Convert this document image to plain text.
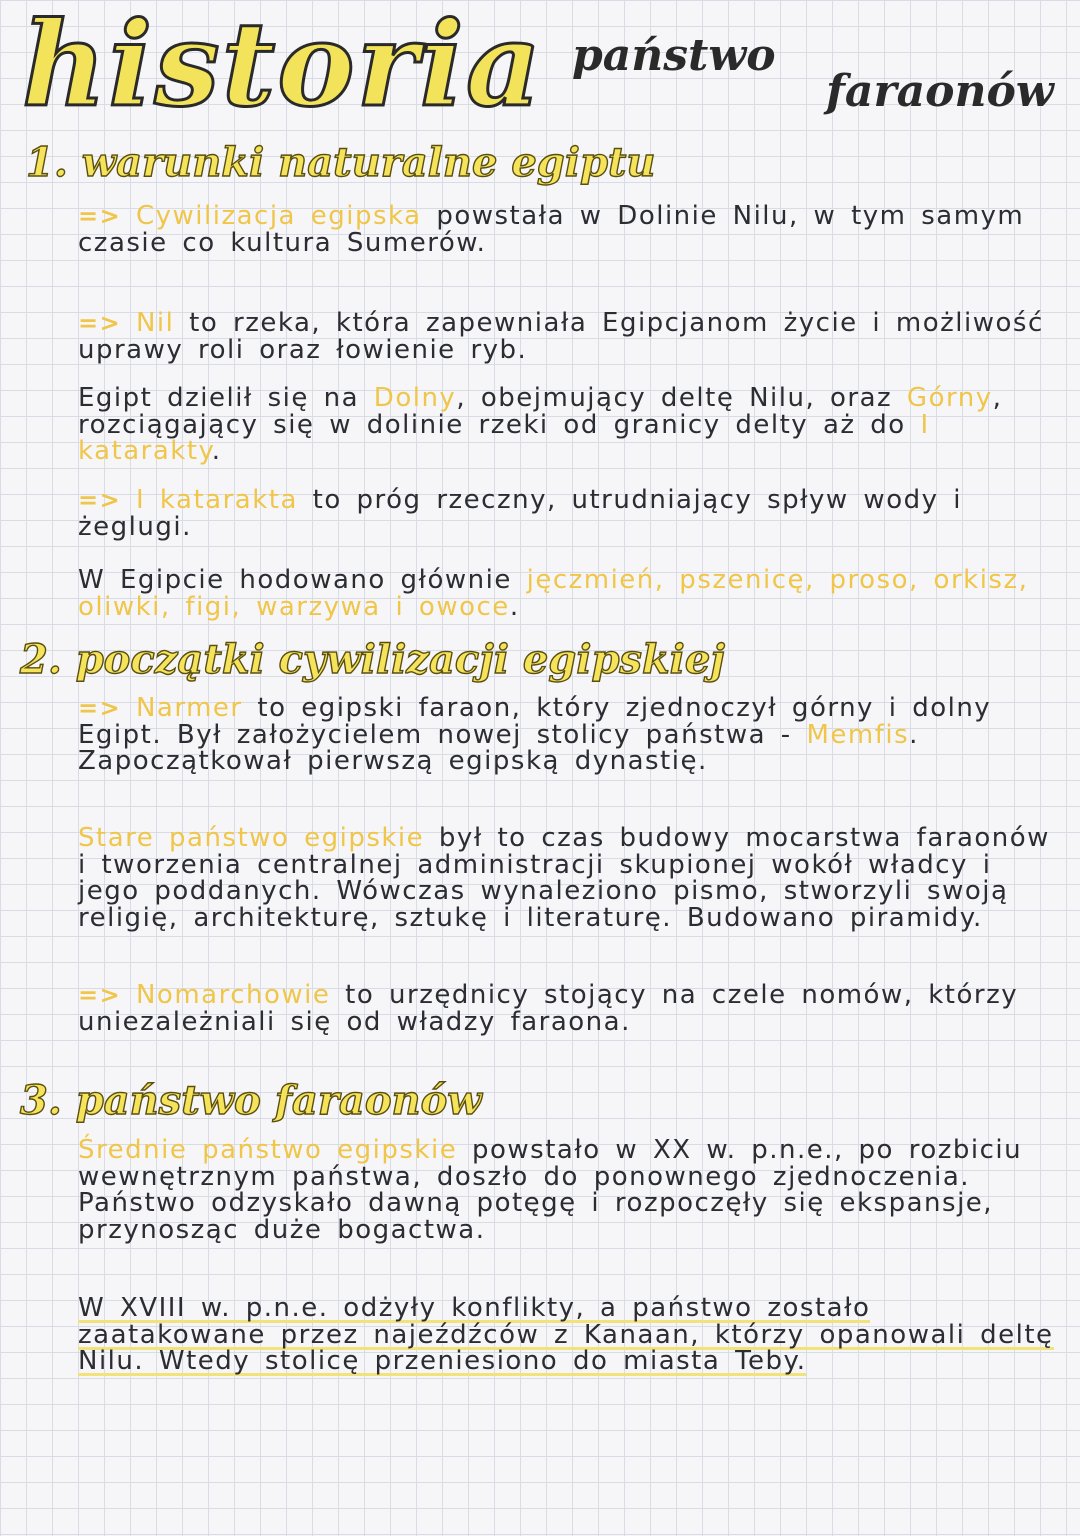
historia państwo
faraonów
1. warunki naturalne egiptu
=> Cywilizacja egipska powstała w Dolinie Nilu, w tym samym czasie co kultura Sumerów.
=> Nil to rzeka, która zapewniała Egipcjanom życie i możliwość uprawy roli oraz łowienie ryb.
Egipt dzielił się na Dolny, obejmujący deltę Nilu, oraz Górny, rozciągający się w dolinie rzeki od granicy delty aż do I katarakty.
=> I katarakta to próg rzeczny, utrudniający spływ wody i żeglugi.
W Egipcie hodowano głównie jęczmień, pszenicę, proso, orkisz, oliwki, figi, warzywa i owoce.
2. początki cywilizacji egipskiej
=> Narmer to egipski faraon, który zjednoczył górny i dolny Egipt. Był założycielem nowej stolicy państwa - Memfis. Zapoczątkował pierwszą egipską dynastię.
Stare państwo egipskie był to czas budowy mocarstwa faraonów i tworzenia centralnej administracji skupionej wokół władcy i jego poddanych. Wówczas wynaleziono pismo, stworzyli swoją religię, architekturę, sztukę i literaturę. Budowano piramidy.
=> Nomarchowie to urzędnicy stojący na czele nomów, którzy uniezależniali się od władzy faraona.
3. państwo faraonów
Średnie państwo egipskie powstało w XX w. p.n.e., po rozbiciu wewnętrznym państwa, doszło do ponownego zjednoczenia. Państwo odzyskało dawną potęgę i rozpoczęły się ekspansje, przynosząc duże bogactwa.
W XVIII w. p.n.e. odżyły konflikty, a państwo zostało zaatakowane przez najeźdźców z Kanaan, którzy opanowali deltę Nilu. Wtedy stolicę przeniesiono do miasta Teby.
